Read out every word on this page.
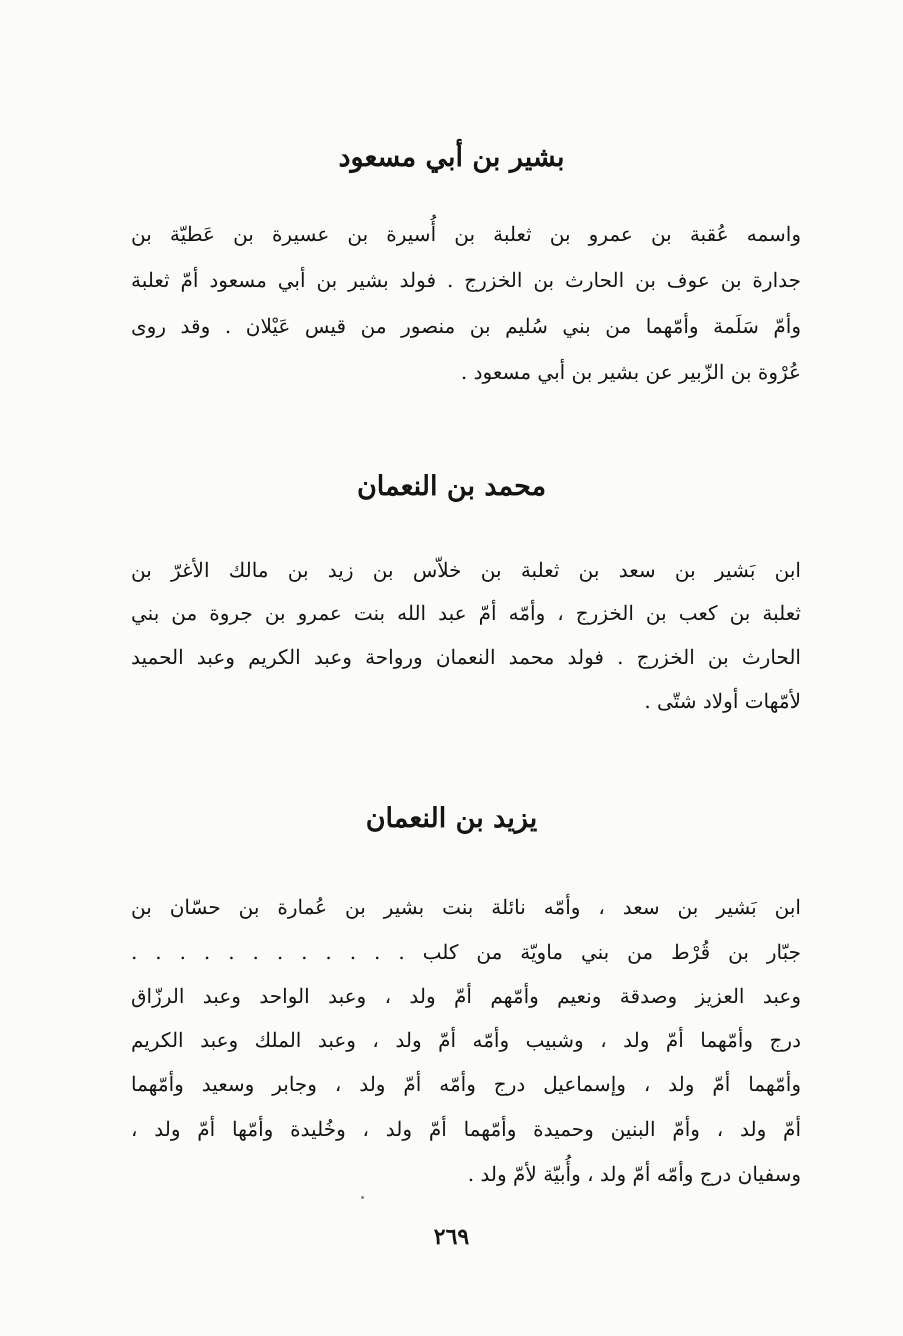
بشير بن أبي مسعود
واسمه عُقبة بن عمرو بن ثعلبة بن أُسيرة بن عسيرة بن عَطيّة بن
جدارة بن عوف بن الحارث بن الخزرج . فولد بشير بن أبي مسعود أمّ ثعلبة
وأمّ سَلَمة وأمّهما من بني سُليم بن منصور من قيس عَيْلان . وقد روى
عُرْوة بن الزّبير عن بشير بن أبي مسعود .
محمد بن النعمان
ابن بَشير بن سعد بن ثعلبة بن خلاّس بن زيد بن مالك الأغرّ بن
ثعلبة بن كعب بن الخزرج ، وأمّه أمّ عبد الله بنت عمرو بن جروة من بني
الحارث بن الخزرج . فولد محمد النعمان ورواحة وعبد الكريم وعبد الحميد
لأمّهات أولاد شتّى .
يزيد بن النعمان
ابن بَشير بن سعد ، وأمّه نائلة بنت بشير بن عُمارة بن حسّان بن
جبّار بن قُرْط من بني ماويّة من كلب . . . . . . . . . . . .
وعبد العزيز وصدقة ونعيم وأمّهم أمّ ولد ، وعبد الواحد وعبد الرزّاق
درج وأمّهما أمّ ولد ، وشبيب وأمّه أمّ ولد ، وعبد الملك وعبد الكريم
وأمّهما أمّ ولد ، وإسماعيل درج وأمّه أمّ ولد ، وجابر وسعيد وأمّهما
أمّ ولد ، وأمّ البنين وحميدة وأمّهما أمّ ولد ، وخُليدة وأمّها أمّ ولد ،
وسفيان درج وأمّه أمّ ولد ، وأُبيّة لأمّ ولد .
٢٦٩
